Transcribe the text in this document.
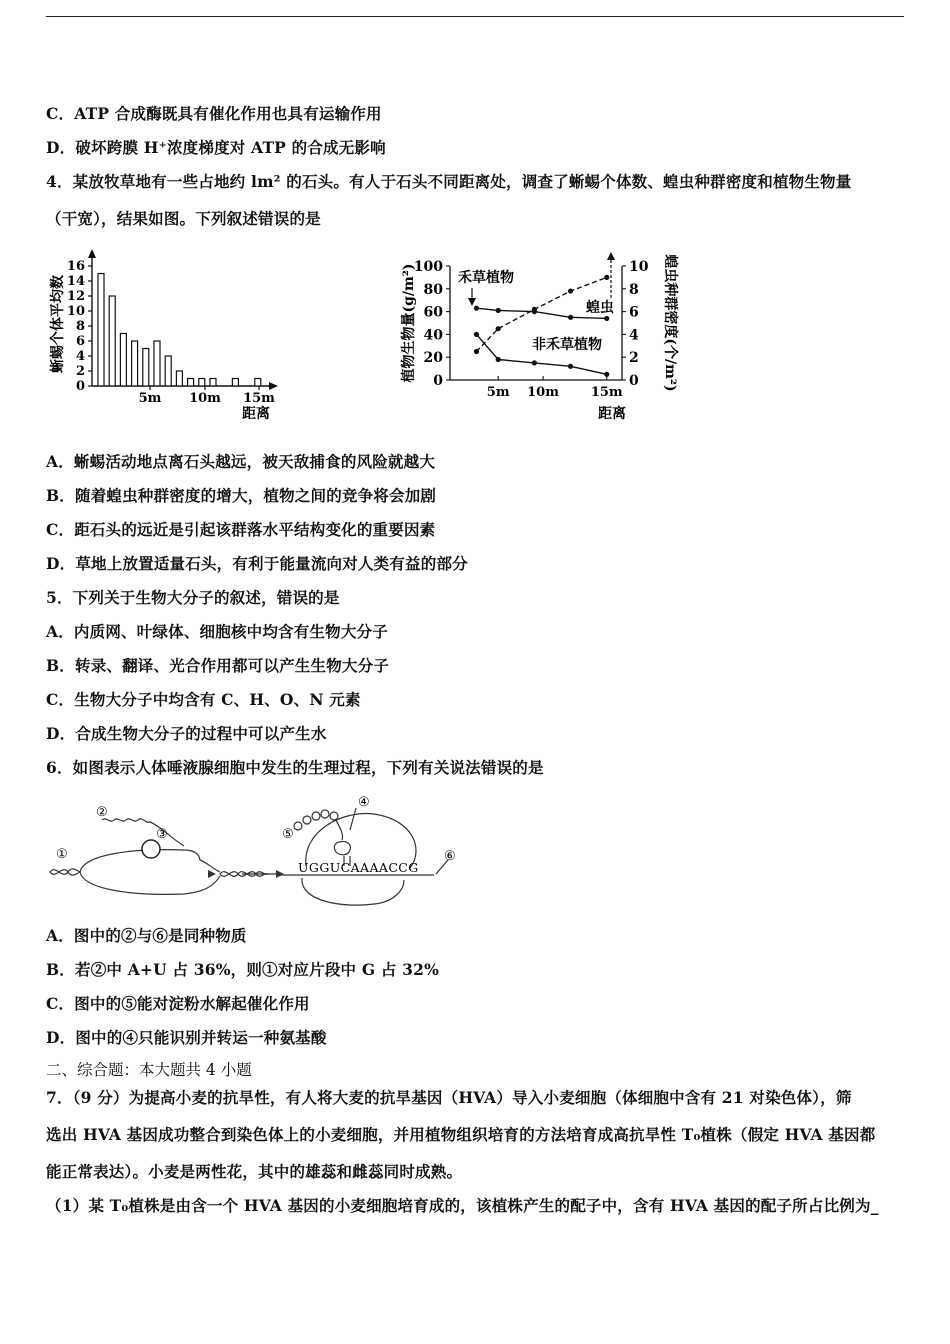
C．ATP 合成酶既具有催化作用也具有运输作用
D．破坏跨膜 H⁺浓度梯度对 ATP 的合成无影响
4．某放牧草地有一些占地约 lm² 的石头。有人于石头不同距离处，调查了蜥蜴个体数、蝗虫种群密度和植物生物量
（干宽），结果如图。下列叙述错误的是
蜥蜴个体平均数
0
2
4
6
8
10
12
14
16
5m 10m 15m
距离
植物生物量(g/m²)	蝗虫种群密度(个/m²)
0
20
40
60
80
100
0
2
4
6
8
10
5m 10m 15m
禾草植物
蝗虫
非禾草植物
距离
A．蜥蜴活动地点离石头越远，被天敌捕食的风险就越大
B．随着蝗虫种群密度的增大，植物之间的竞争将会加剧
C．距石头的远近是引起该群落水平结构变化的重要因素
D．草地上放置适量石头，有利于能量流向对人类有益的部分
5．下列关于生物大分子的叙述，错误的是
A．内质网、叶绿体、细胞核中均含有生物大分子
B．转录、翻译、光合作用都可以产生生物大分子
C．生物大分子中均含有 C、H、O、N 元素
D．合成生物大分子的过程中可以产生水
6．如图表示人体唾液腺细胞中发生的生理过程，下列有关说法错误的是
①
②
③
UGGUCAAAACCG
④
⑤
⑥
A．图中的②与⑥是同种物质
B．若②中 A+U 占 36%，则①对应片段中 G 占 32%
C．图中的⑤能对淀粉水解起催化作用
D．图中的④只能识别并转运一种氨基酸
二、综合题：本大题共 4 小题
7．（9 分）为提高小麦的抗旱性，有人将大麦的抗旱基因（HVA）导入小麦细胞（体细胞中含有 21 对染色体），筛
选出 HVA 基因成功整合到染色体上的小麦细胞，并用植物组织培育的方法培育成高抗旱性 T₀植株（假定 HVA 基因都
能正常表达）。小麦是两性花，其中的雄蕊和雌蕊同时成熟。
（1）某 T₀植株是由含一个 HVA 基因的小麦细胞培育成的，该植株产生的配子中，含有 HVA 基因的配子所占比例为_
